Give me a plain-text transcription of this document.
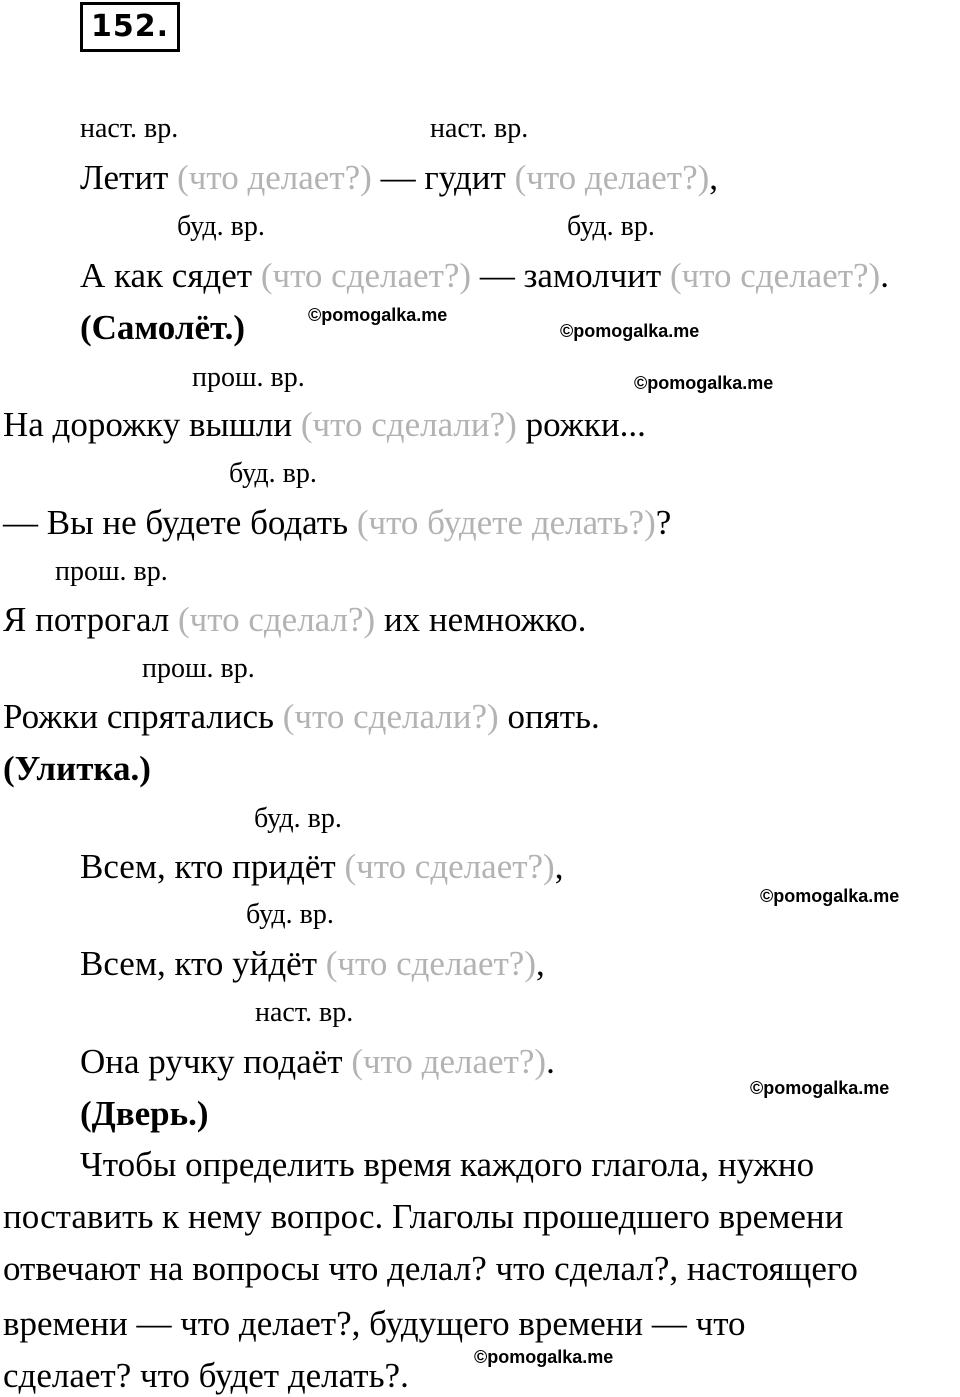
152.
наст. вр.	наст. вр.
Летит (что делает?) — гудит (что делает?),
буд. вр.	буд. вр.
А как сядет (что сделает?) — замолчит (что сделает?).
(Самолёт.)
прош. вр.
На дорожку вышли (что сделали?) рожки...
буд. вр.
— Вы не будете бодать (что будете делать?)?
прош. вр.
Я потрогал (что сделал?) их немножко.
прош. вр.
Рожки спрятались (что сделали?) опять.
(Улитка.)
буд. вр.
Всем, кто придёт (что сделает?),
буд. вр.
Всем, кто уйдёт (что сделает?),
наст. вр.
Она ручку подаёт (что делает?).
(Дверь.)
Чтобы определить время каждого глагола, нужно
поставить к нему вопрос. Глаголы прошедшего времени
отвечают на вопросы что делал? что сделал?, настоящего
времени — что делает?, будущего времени — что
сделает? что будет делать?.
©pomogalka.me
©pomogalka.me
©pomogalka.me
©pomogalka.me
©pomogalka.me
©pomogalka.me
